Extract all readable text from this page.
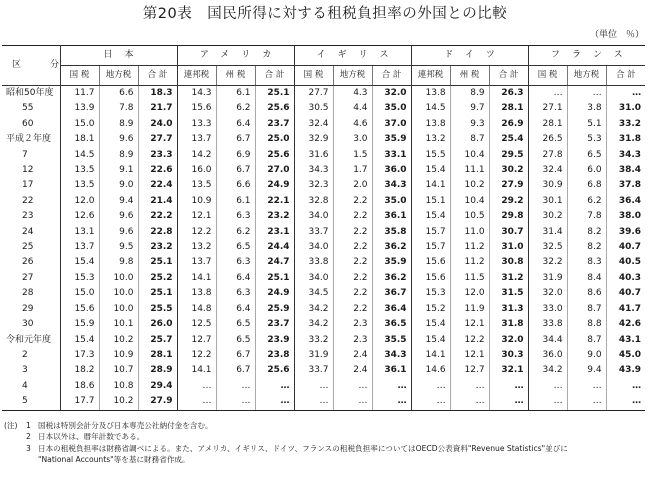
第20表　国民所得に対する租税負担率の外国との比較
（単位　％）
区　分	日本			アメリカ			イギリス			ドイツ			フランス		
	国 税	地方税	合 計	連邦税	州 税	合 計	国 税	地方税	合 計	連邦税	州 税	合 計	国 税	地方税	合 計
昭和50年度	11.7	6.6	18.3	14.3	6.1	25.1	27.7	4.3	32.0	13.8	8.9	26.3	…	…	…
55	13.9	7.8	21.7	15.6	6.2	25.6	30.5	4.4	35.0	14.5	9.7	28.1	27.1	3.8	31.0
60	15.0	8.9	24.0	13.3	6.4	23.7	32.4	4.6	37.0	13.8	9.3	26.9	28.1	5.1	33.2
平成２年度	18.1	9.6	27.7	13.7	6.7	25.0	32.9	3.0	35.9	13.2	8.7	25.4	26.5	5.3	31.8
7	14.5	8.9	23.3	14.2	6.9	25.6	31.6	1.5	33.1	15.5	10.4	29.5	27.8	6.5	34.3
12	13.5	9.1	22.6	16.0	6.7	27.0	34.3	1.7	36.0	15.4	11.1	30.2	32.4	6.0	38.4
17	13.5	9.0	22.4	13.5	6.6	24.9	32.3	2.0	34.3	14.1	10.2	27.9	30.9	6.8	37.8
22	12.0	9.4	21.4	10.9	6.1	22.1	32.8	2.2	35.0	15.1	10.4	29.2	30.1	6.2	36.4
23	12.6	9.6	22.2	12.1	6.3	23.2	34.0	2.2	36.1	15.4	10.5	29.8	30.2	7.8	38.0
24	13.1	9.6	22.8	12.2	6.2	23.1	33.7	2.2	35.8	15.7	11.0	30.7	31.4	8.2	39.6
25	13.7	9.5	23.2	13.2	6.5	24.4	34.0	2.2	36.2	15.7	11.2	31.0	32.5	8.2	40.7
26	15.4	9.8	25.1	13.7	6.3	24.7	33.8	2.2	35.9	15.6	11.2	30.8	32.2	8.3	40.5
27	15.3	10.0	25.2	14.1	6.4	25.1	34.0	2.2	36.2	15.6	11.5	31.2	31.9	8.4	40.3
28	15.0	10.0	25.1	13.8	6.3	24.9	34.5	2.2	36.7	15.3	12.0	31.5	32.0	8.6	40.7
29	15.6	10.0	25.5	14.8	6.4	25.9	34.2	2.2	36.4	15.2	11.9	31.3	33.0	8.7	41.7
30	15.9	10.1	26.0	12.5	6.5	23.7	34.2	2.3	36.5	15.4	12.1	31.8	33.8	8.8	42.6
令和元年度	15.4	10.2	25.7	12.7	6.5	23.9	33.2	2.3	35.5	15.4	12.2	32.0	34.4	8.7	43.1
2	17.3	10.9	28.1	12.2	6.7	23.8	31.9	2.4	34.3	14.1	12.1	30.3	36.0	9.0	45.0
3	18.2	10.7	28.9	14.1	6.7	25.6	33.7	2.4	36.1	14.6	12.7	32.1	34.2	9.4	43.9
4	18.6	10.8	29.4	…	…	…	…	…	…	…	…	…	…	…	…
5	17.7	10.2	27.9	…	…	…	…	…	…	…	…	…	…	…	…
(注)	1 国税は特別会計分及び日本専売公社納付金を含む。
2 日本以外は、暦年計数である。
3 日本の租税負担率は財務省調べによる。また、アメリカ、イギリス、ドイツ、フランスの租税負担率についてはOECD公表資料"Revenue Statistics"並びに
"National Accounts"等を基に財務省作成。
